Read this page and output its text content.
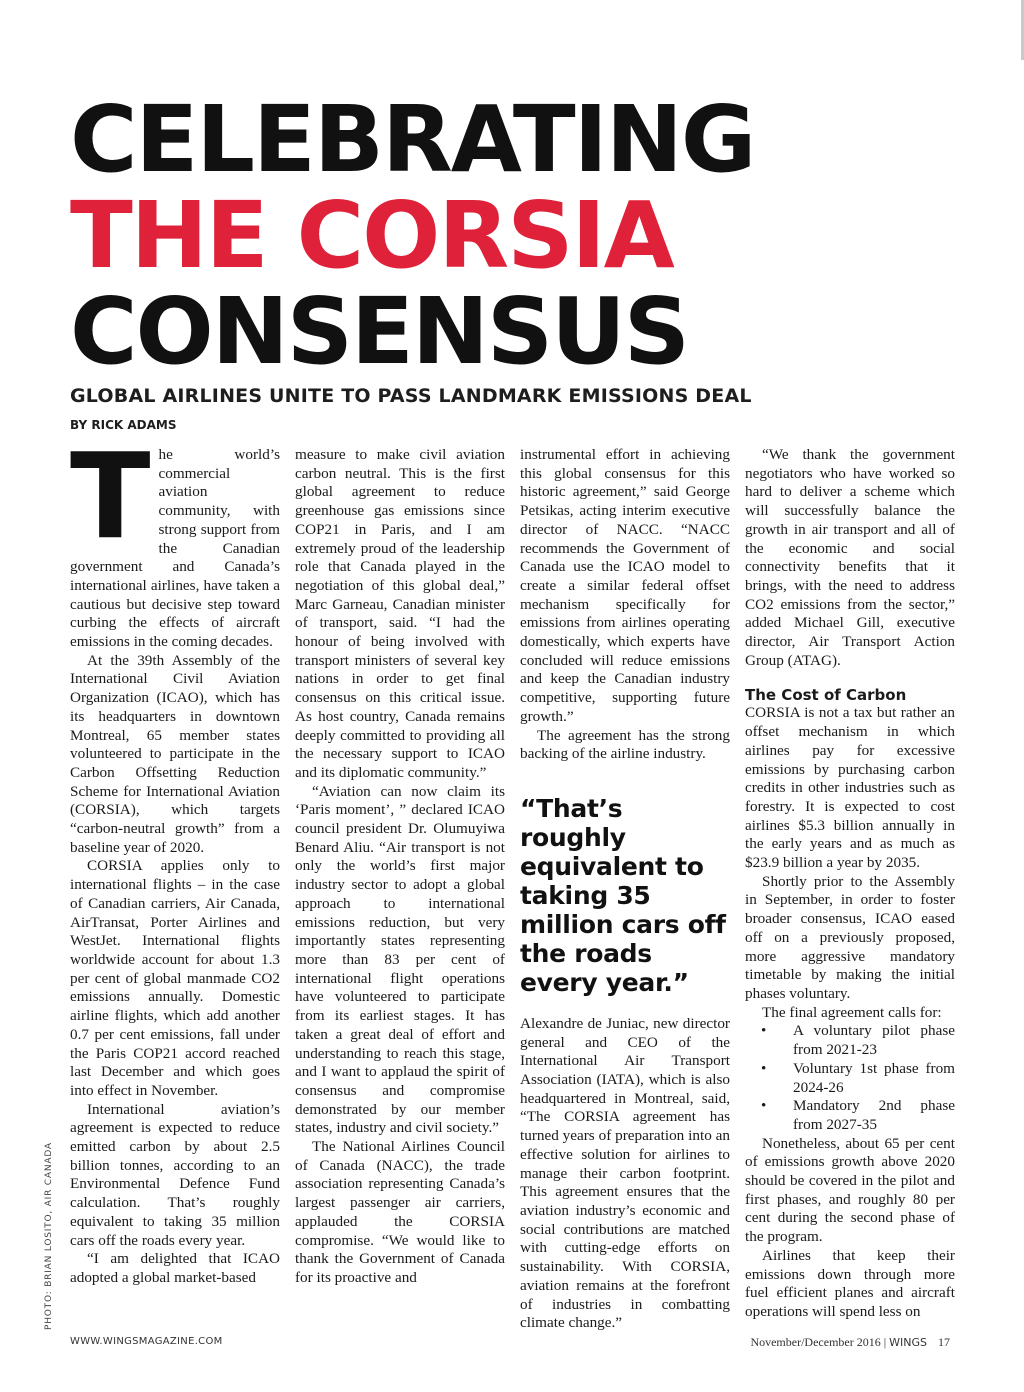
CELEBRATING
THE CORSIA
CONSENSUS
GLOBAL AIRLINES UNITE TO PASS LANDMARK EMISSIONS DEAL
BY RICK ADAMS

The world’s commercial aviation community, with strong support from the Canadian government and Canada’s international airlines, have taken a cautious but decisive step toward curbing the effects of aircraft emissions in the coming decades.

At the 39th Assembly of the International Civil Aviation Organization (ICAO), which has its headquarters in downtown Montreal, 65 member states volunteered to participate in the Carbon Offsetting Reduction Scheme for International Aviation (CORSIA), which targets “carbon-neutral growth” from a baseline year of 2020.

CORSIA applies only to international flights – in the case of Canadian carriers, Air Canada, AirTransat, Porter Airlines and WestJet. International flights worldwide account for about 1.3 per cent of global manmade CO2 emissions annually. Domestic airline flights, which add another 0.7 per cent emissions, fall under the Paris COP21 accord reached last December and which goes into effect in November.

International aviation’s agreement is expected to reduce emitted carbon by about 2.5 billion tonnes, according to an Environmental Defence Fund calculation. That’s roughly equivalent to taking 35 million cars off the roads every year.

“I am delighted that ICAO adopted a global market-based

measure to make civil aviation carbon neutral. This is the first global agreement to reduce greenhouse gas emissions since COP21 in Paris, and I am extremely proud of the leadership role that Canada played in the negotiation of this global deal,” Marc Garneau, Canadian minister of transport, said. “I had the honour of being involved with transport ministers of several key nations in order to get final consensus on this critical issue. As host country, Canada remains deeply committed to providing all the necessary support to ICAO and its diplomatic community.”

“Aviation can now claim its ‘Paris moment’, ” declared ICAO council president Dr. Olumuyiwa Benard Aliu. “Air transport is not only the world’s first major industry sector to adopt a global approach to international emissions reduction, but very importantly states representing more than 83 per cent of international flight operations have volunteered to participate from its earliest stages. It has taken a great deal of effort and understanding to reach this stage, and I want to applaud the spirit of consensus and compromise demonstrated by our member states, industry and civil society.”

The National Airlines Council of Canada (NACC), the trade association representing Canada’s largest passenger air carriers, applauded the CORSIA compromise. “We would like to thank the Government of Canada for its proactive and

instrumental effort in achieving this global consensus for this historic agreement,” said George Petsikas, acting interim executive director of NACC. “NACC recommends the Government of Canada use the ICAO model to create a similar federal offset mechanism specifically for emissions from airlines operating domestically, which experts have concluded will reduce emissions and keep the Canadian industry competitive, supporting future growth.”

The agreement has the strong backing of the airline industry.

“That’s roughly equivalent to taking 35 million cars off the roads every year.”

Alexandre de Juniac, new director general and CEO of the International Air Transport Association (IATA), which is also headquartered in Montreal, said, “The CORSIA agreement has turned years of preparation into an effective solution for airlines to manage their carbon footprint. This agreement ensures that the aviation industry’s economic and social contributions are matched with cutting-edge efforts on sustainability. With CORSIA, aviation remains at the forefront of industries in combatting climate change.”

“We thank the government negotiators who have worked so hard to deliver a scheme which will successfully balance the growth in air transport and all of the economic and social connectivity benefits that it brings, with the need to address CO2 emissions from the sector,” added Michael Gill, executive director, Air Transport Action Group (ATAG).

The Cost of Carbon

CORSIA is not a tax but rather an offset mechanism in which airlines pay for excessive emissions by purchasing carbon credits in other industries such as forestry. It is expected to cost airlines $5.3 billion annually in the early years and as much as $23.9 billion a year by 2035.

Shortly prior to the Assembly in September, in order to foster broader consensus, ICAO eased off on a previously proposed, more aggressive mandatory timetable by making the initial phases voluntary.

The final agreement calls for:

• A voluntary pilot phase from 2021-23
• Voluntary 1st phase from 2024-26
• Mandatory 2nd phase from 2027-35

Nonetheless, about 65 per cent of emissions growth above 2020 should be covered in the pilot and first phases, and roughly 80 per cent during the second phase of the program.

Airlines that keep their emissions down through more fuel efficient planes and aircraft operations will spend less on

PHOTO: BRIAN LOSITO, AIR CANADA
WWW.WINGSMAGAZINE.COM	November/December 2016 | WINGS 17
